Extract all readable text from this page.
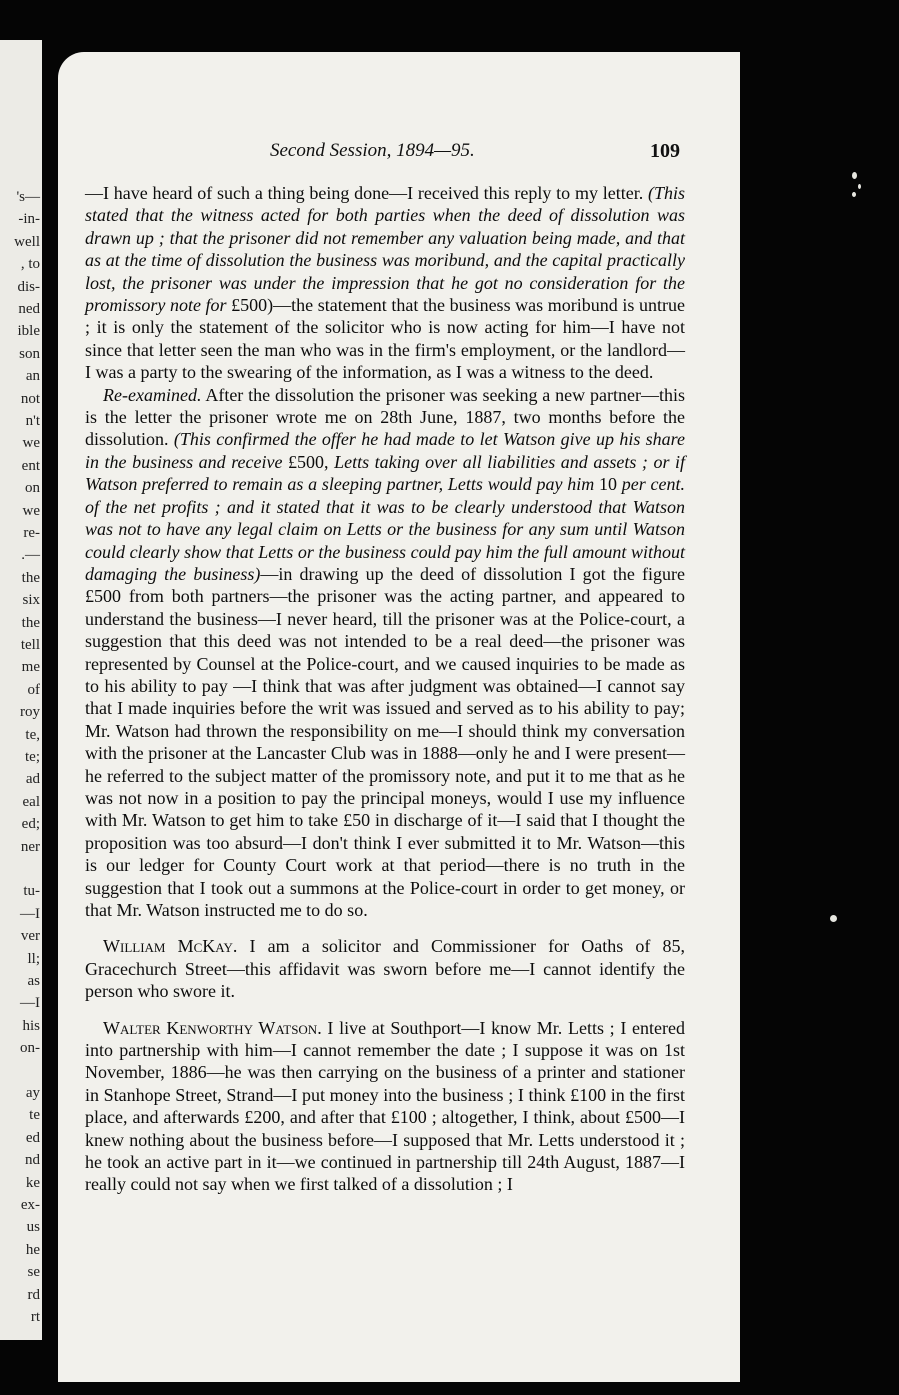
's—
-in-
well
, to
dis-
ned
ible
son
an
not
n't
we
ent
on
we
re-
.—
the
six
the
tell
me
of
roy
te,
te;
ad
eal
ed;
ner
tu-
—I
ver
ll;
as
—I
his
on-
ay
te
ed
nd
ke
ex-
us
he
se
rd
rt
Second Session, 1894—95.	109

—I have heard of such a thing being done—I received this reply to my letter. (This stated that the witness acted for both parties when the deed of dissolution was drawn up ; that the prisoner did not remember any valuation being made, and that as at the time of dissolution the business was moribund, and the capital practically lost, the prisoner was under the impression that he got no consideration for the promissory note for £500)—the statement that the business was moribund is untrue ; it is only the statement of the solicitor who is now acting for him—I have not since that letter seen the man who was in the firm's employment, or the landlord—I was a party to the swearing of the information, as I was a witness to the deed.

Re-examined. After the dissolution the prisoner was seeking a new partner—this is the letter the prisoner wrote me on 28th June, 1887, two months before the dissolution. (This confirmed the offer he had made to let Watson give up his share in the business and receive £500, Letts taking over all liabilities and assets ; or if Watson preferred to remain as a sleeping partner, Letts would pay him 10 per cent. of the net profits ; and it stated that it was to be clearly understood that Watson was not to have any legal claim on Letts or the business for any sum until Watson could clearly show that Letts or the business could pay him the full amount without damaging the business)—in drawing up the deed of dissolution I got the figure £500 from both partners—the prisoner was the acting partner, and appeared to understand the business—I never heard, till the prisoner was at the Police-court, a suggestion that this deed was not intended to be a real deed—the prisoner was represented by Counsel at the Police-court, and we caused inquiries to be made as to his ability to pay —I think that was after judgment was obtained—I cannot say that I made inquiries before the writ was issued and served as to his ability to pay; Mr. Watson had thrown the responsibility on me—I should think my conversation with the prisoner at the Lancaster Club was in 1888—only he and I were present—he referred to the subject matter of the promissory note, and put it to me that as he was not now in a position to pay the principal moneys, would I use my influence with Mr. Watson to get him to take £50 in discharge of it—I said that I thought the proposition was too absurd—I don't think I ever submitted it to Mr. Watson—this is our ledger for County Court work at that period—there is no truth in the suggestion that I took out a summons at the Police-court in order to get money, or that Mr. Watson instructed me to do so.

William McKay. I am a solicitor and Commissioner for Oaths of 85, Gracechurch Street—this affidavit was sworn before me—I cannot identify the person who swore it.

Walter Kenworthy Watson. I live at Southport—I know Mr. Letts ; I entered into partnership with him—I cannot remember the date ; I suppose it was on 1st November, 1886—he was then carrying on the business of a printer and stationer in Stanhope Street, Strand—I put money into the business ; I think £100 in the first place, and afterwards £200, and after that £100 ; altogether, I think, about £500—I knew nothing about the business before—I supposed that Mr. Letts understood it ; he took an active part in it—we continued in partnership till 24th August, 1887—I really could not say when we first talked of a dissolution ; I
